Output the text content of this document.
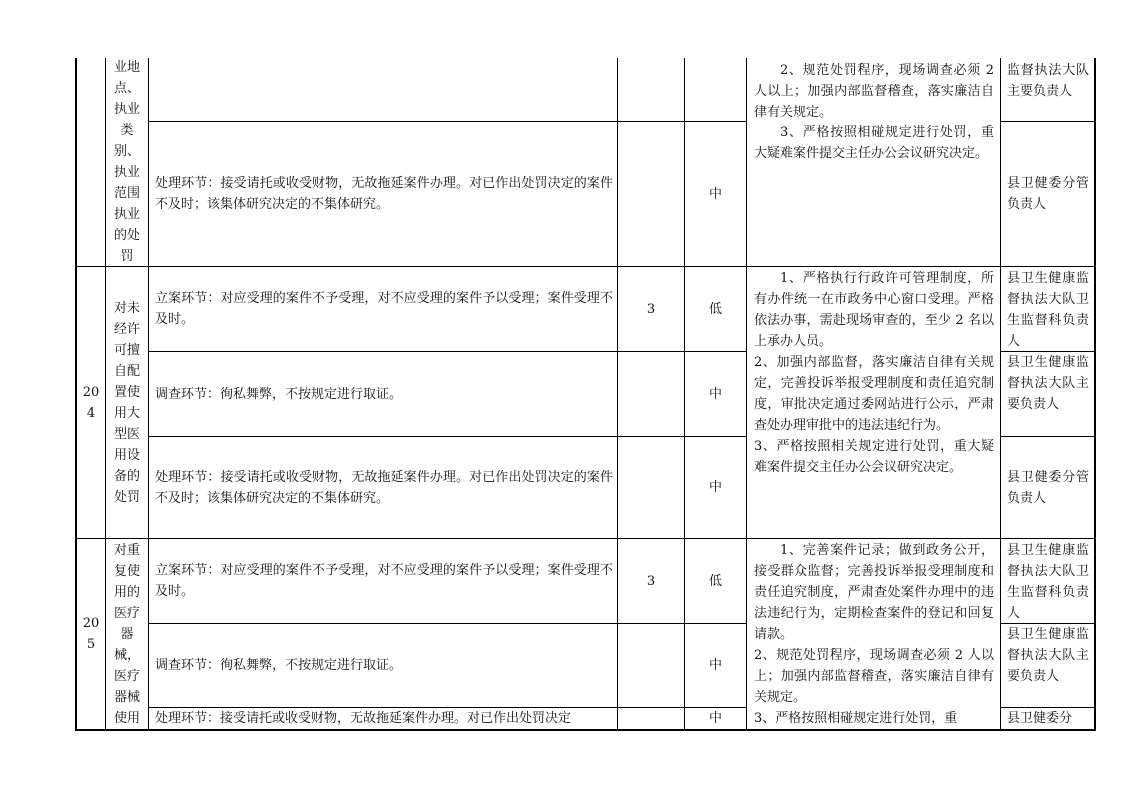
业地
点、
执业
类
别、
执业
范围
执业
的处
罚
处理环节：接受请托或收受财物，无故拖延案件办理。对已作出处罚决定的案件不及时；该集体研究决定的不集体研究。
中
2、规范处罚程序，现场调查必须 2 人以上；加强内部监督稽查，落实廉洁自律有关规定。
3、严格按照相碰规定进行处罚，重大疑难案件提交主任办公会议研究决定。
监督执法大队主要负责人
县卫健委分管负责人
20
4
对未
经许
可擅
自配
置使
用大
型医
用设
备的
处罚
立案环节：对应受理的案件不予受理，对不应受理的案件予以受理；案件受理不及时。
调查环节：徇私舞弊，不按规定进行取证。
处理环节：接受请托或收受财物，无故拖延案件办理。对已作出处罚决定的案件不及时；该集体研究决定的不集体研究。
3	低
中
中
1、严格执行行政许可管理制度，所有办件统一在市政务中心窗口受理。严格依法办事，需赴现场审查的，至少 2 名以上承办人员。
2、加强内部监督，落实廉洁自律有关规定，完善投诉举报受理制度和责任追究制度，审批决定通过委网站进行公示，严肃查处办理审批中的违法违纪行为。
3、严格按照相关规定进行处罚，重大疑难案件提交主任办公会议研究决定。
县卫生健康监督执法大队卫生监督科负责人
县卫生健康监督执法大队主要负责人
县卫健委分管负责人
20
5
对重
复使
用的
医疗
器
械，
医疗
器械
使用
立案环节：对应受理的案件不予受理，对不应受理的案件予以受理；案件受理不及时。
调查环节：徇私舞弊，不按规定进行取证。
处理环节：接受请托或收受财物，无故拖延案件办理。对已作出处罚决定
3	低
中
中
1、完善案件记录；做到政务公开，接受群众监督；完善投诉举报受理制度和责任追究制度，严肃查处案件办理中的违法违纪行为，定期检查案件的登记和回复请款。
2、规范处罚程序，现场调查必须 2 人以上；加强内部监督稽查，落实廉洁自律有关规定。
3、严格按照相碰规定进行处罚，重
县卫生健康监督执法大队卫生监督科负责人
县卫生健康监督执法大队主要负责人
县卫健委分
